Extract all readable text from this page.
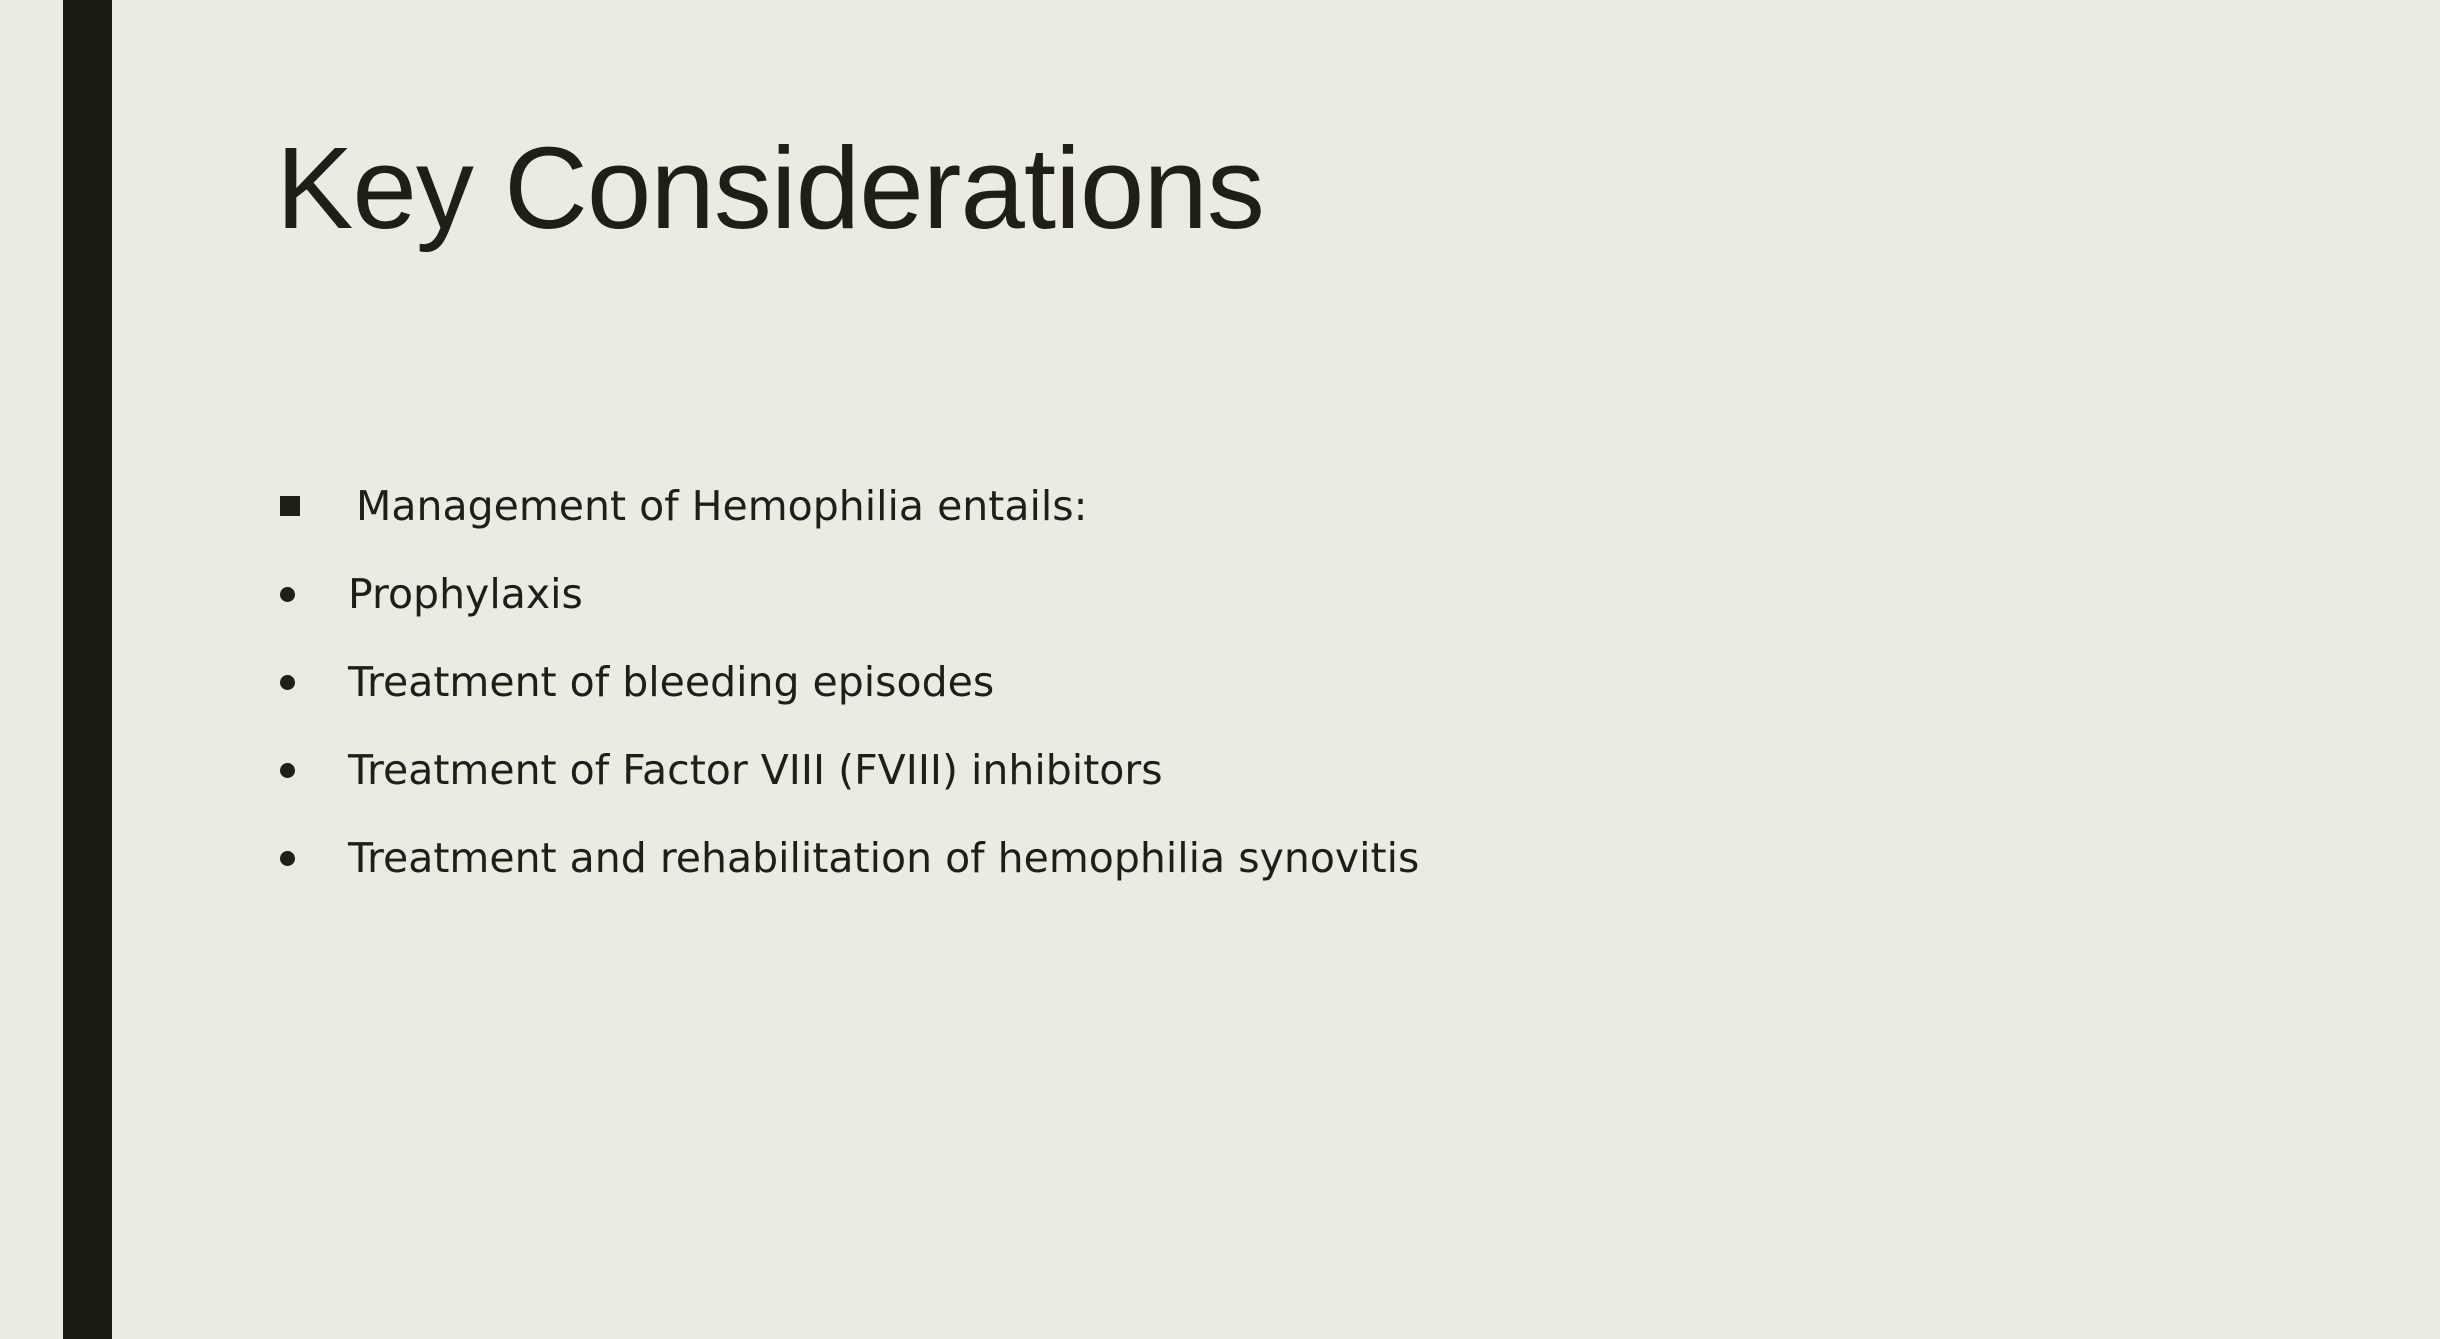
Key Considerations
Management of Hemophilia entails:
Prophylaxis
Treatment of bleeding episodes
Treatment of Factor VIII (FVIII) inhibitors
Treatment and rehabilitation of hemophilia synovitis
